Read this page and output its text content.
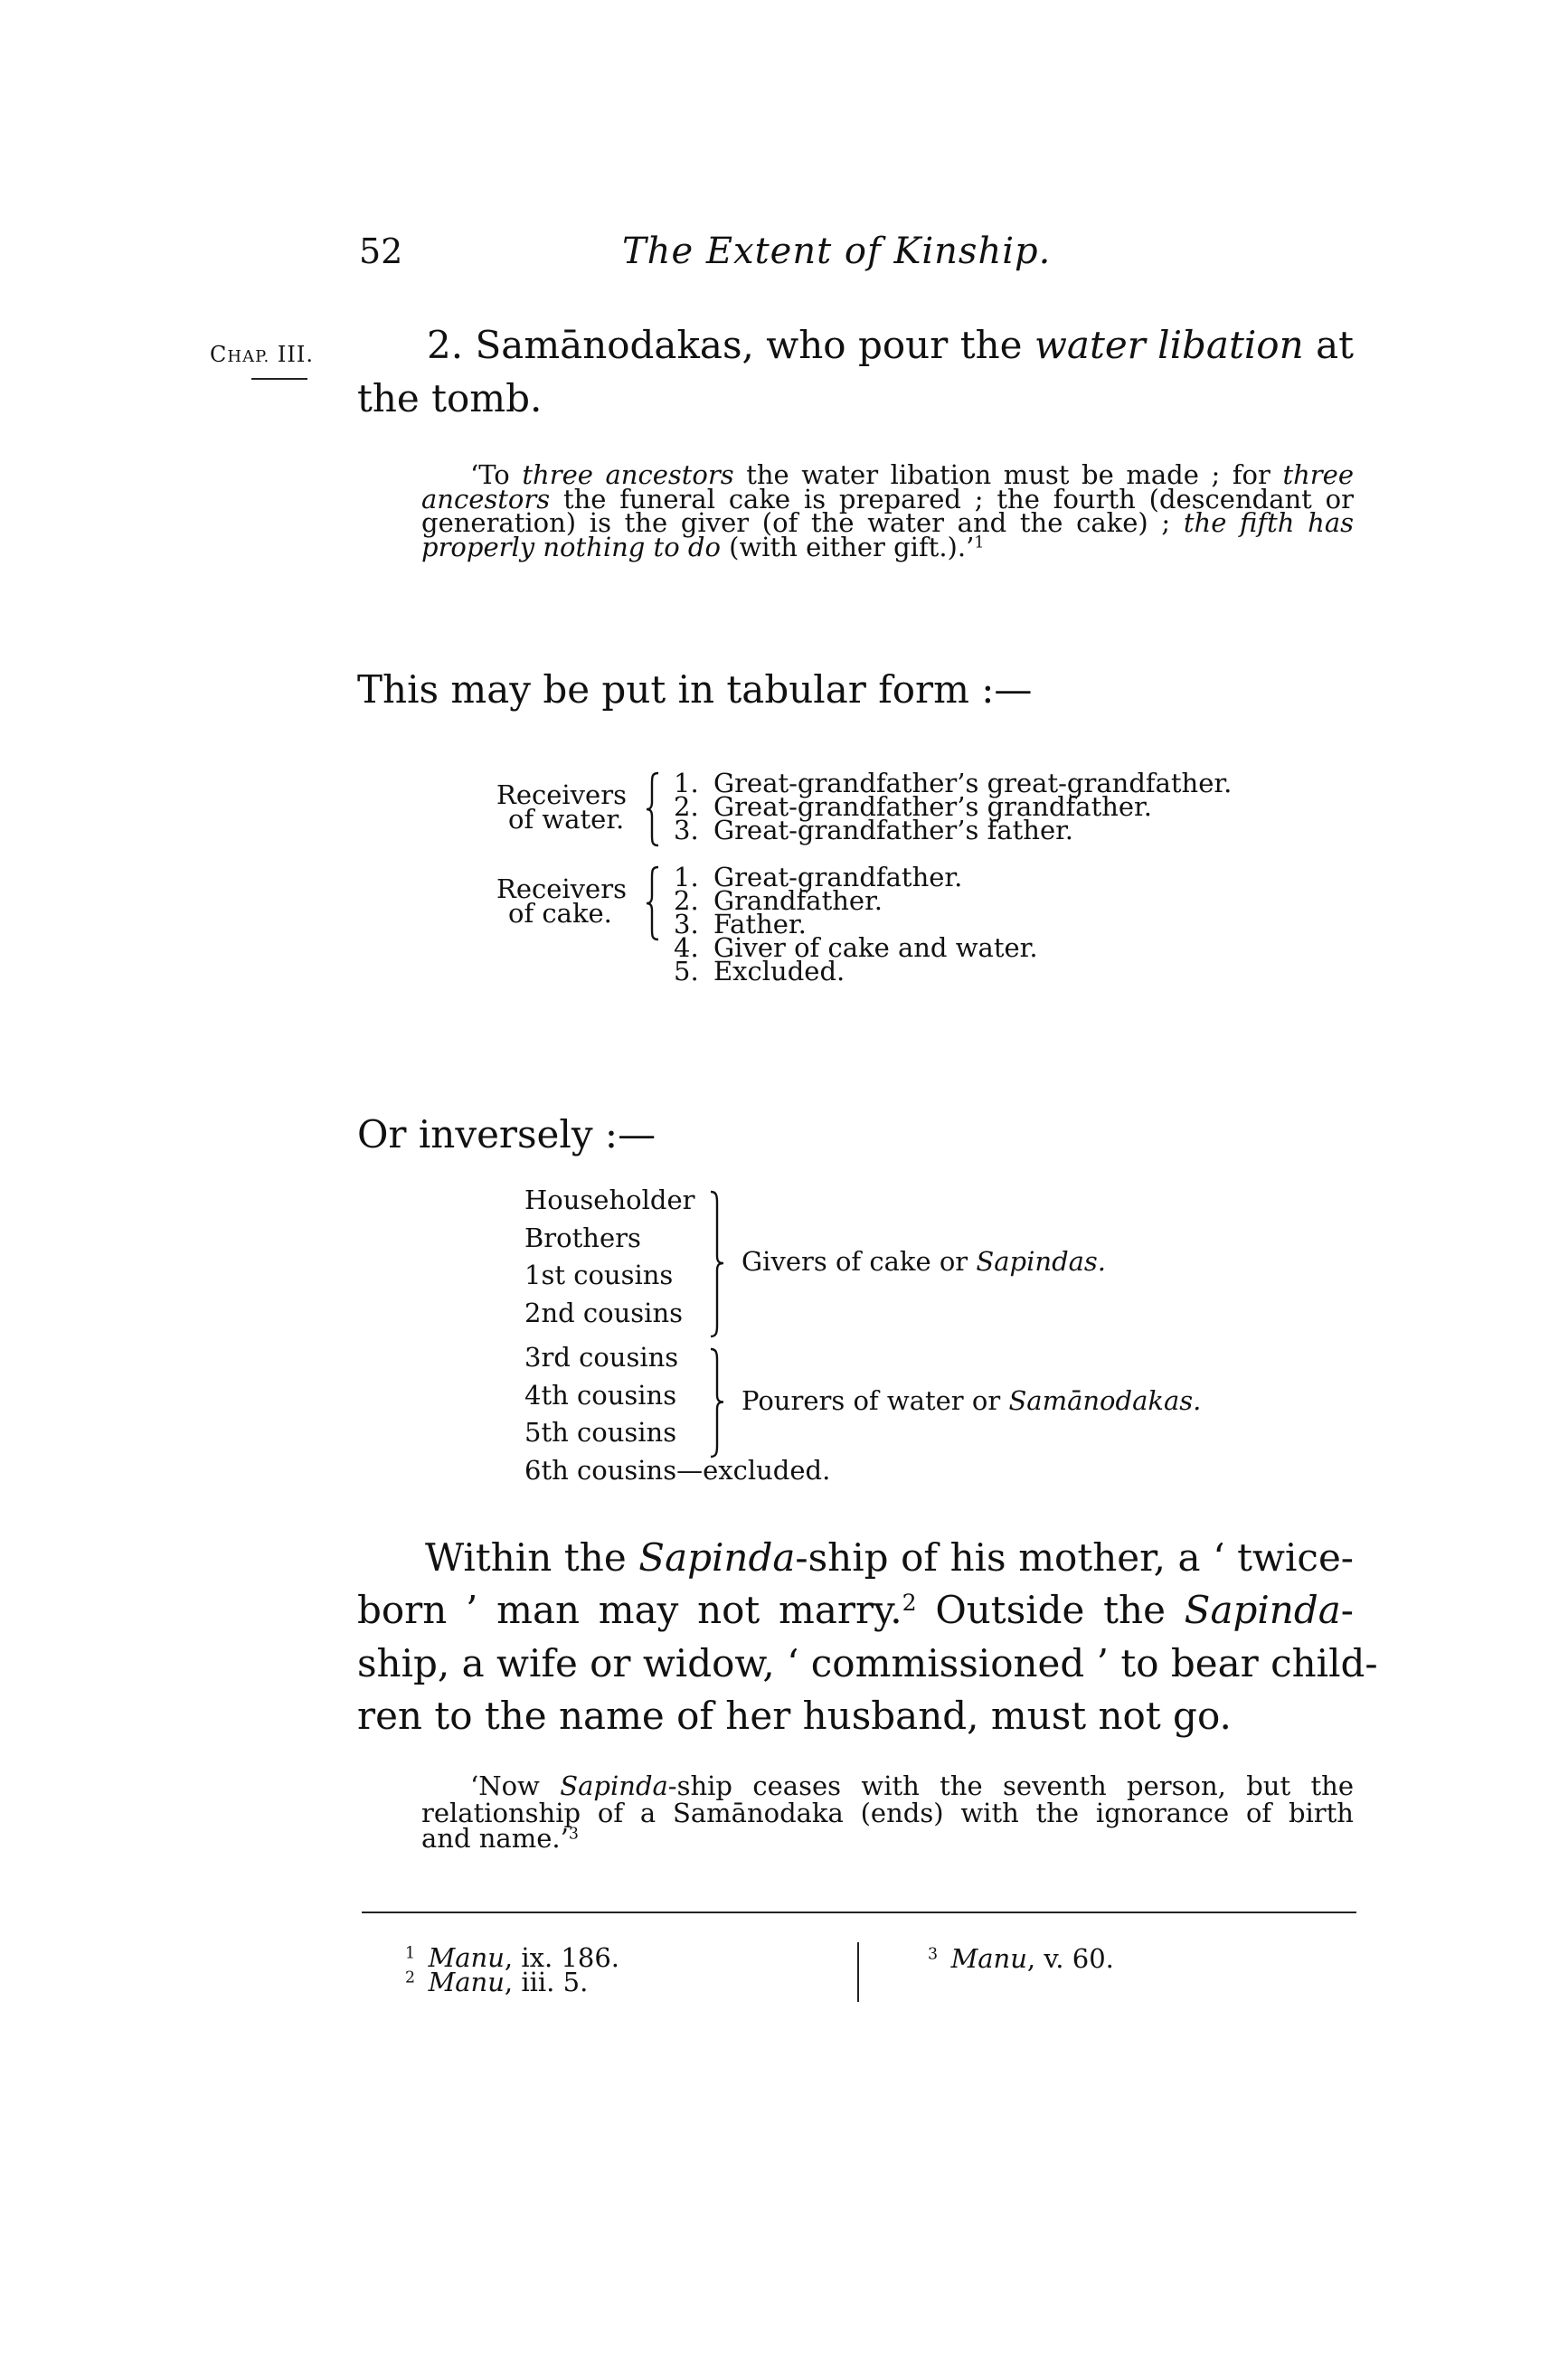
52	The Extent of Kinship.
CHAP. III.	2. Samānodakas, who pour the water libation at
the tomb.
‘To three ancestors the water libation must be made ; for three
ancestors the funeral cake is prepared ; the fourth (descendant or
generation) is the giver (of the water and the cake) ; the fifth has
properly nothing to do (with either gift.).’$^1$
This may be put in tabular form :—
Receivers
of water.
1. Great-grandfather’s great-grandfather.
2. Great-grandfather’s grandfather.
3. Great-grandfather’s father.
Receivers
of cake.
1. Great-grandfather.
2. Grandfather.
3. Father.
4. Giver of cake and water.
5. Excluded.
Or inversely :—
Householder
Brothers
1st cousins
2nd cousins
Givers of cake or Sapindas.
3rd cousins
4th cousins
5th cousins
Pourers of water or Samānodakas.
6th cousins—excluded.
Within the Sapinda-ship of his mother, a ‘ twice-
born ’ man may not marry.$^2$ Outside the Sapinda-
ship, a wife or widow, ‘ commissioned ’ to bear child-
ren to the name of her husband, must not go.
‘Now Sapinda-ship ceases with the seventh person, but the
relationship of a Samānodaka (ends) with the ignorance of birth
and name.’$^3$
$^1$  Manu, ix. 186.
$^2$  Manu, iii. 5.
$^3$  Manu, v. 60.
